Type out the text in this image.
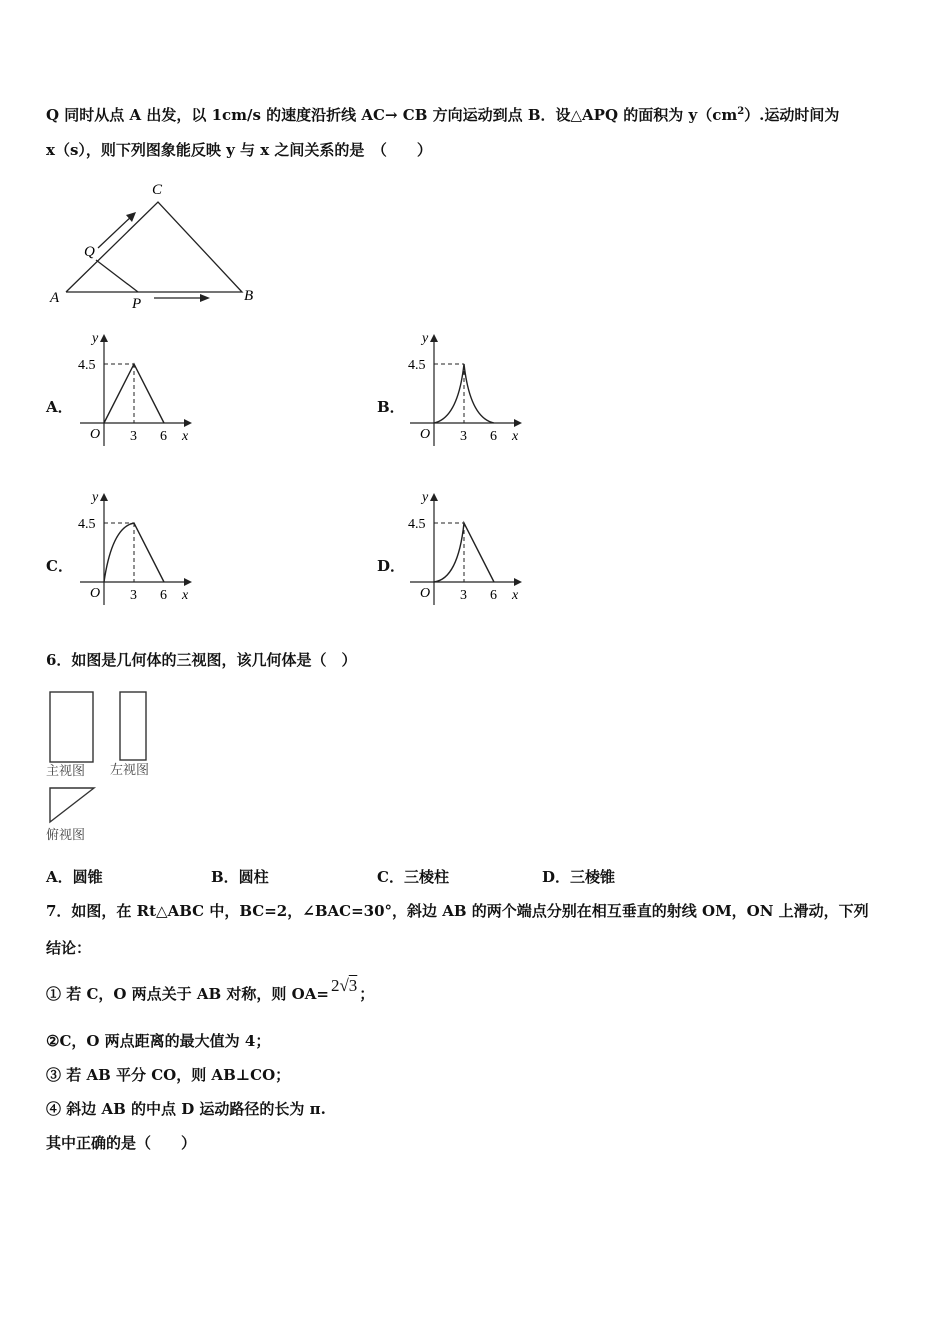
Q 同时从点 A 出发，以 1cm/s 的速度沿折线 AC→ CB 方向运动到点 B．设△APQ 的面积为 $y(cm^2)$.运动时间为
x（s），则下列图象能反映 y 与 x 之间关系的是　（　　）
C
Q
A	P	B
A．	B．
C．	D．
y
4.5
O 3 6 x
y
4.5
O 3 6 x
y
4.5
O 3 6 x
y
4.5
O 3 6 x
6．如图是几何体的三视图，该几何体是（　）
主视图 左视图
俯视图
A．圆锥	B．圆柱	C．三棱柱	D．三棱锥
7．如图，在 Rt△ABC 中，BC=2，∠BAC=30°，斜边 AB 的两个端点分别在相互垂直的射线 OM，ON 上滑动，下列
结论：
① 若 C，O 两点关于 AB 对称，则 OA= 2√3 ；
②C，O 两点距离的最大值为 4；
③ 若 AB 平分 CO，则 AB⊥CO；
④ 斜边 AB 的中点 D 运动路径的长为 π.
其中正确的是（　　）
